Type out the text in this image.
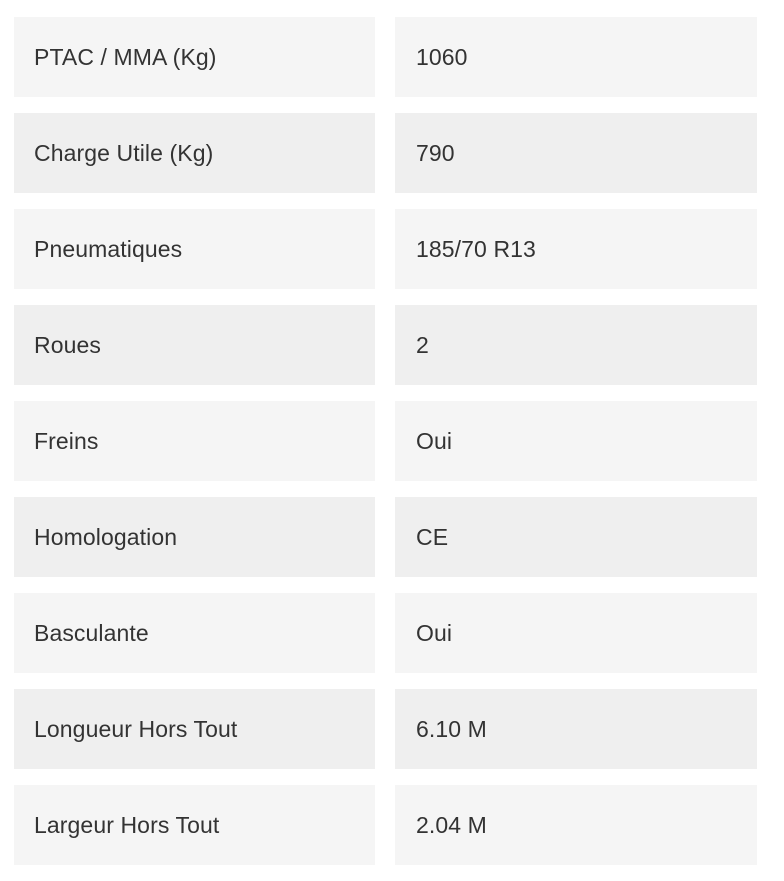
PTAC / MMA (Kg)	1060
Charge Utile (Kg)	790
Pneumatiques	185/70 R13
Roues	2
Freins	Oui
Homologation	CE
Basculante	Oui
Longueur Hors Tout	6.10 M
Largeur Hors Tout	2.04 M
